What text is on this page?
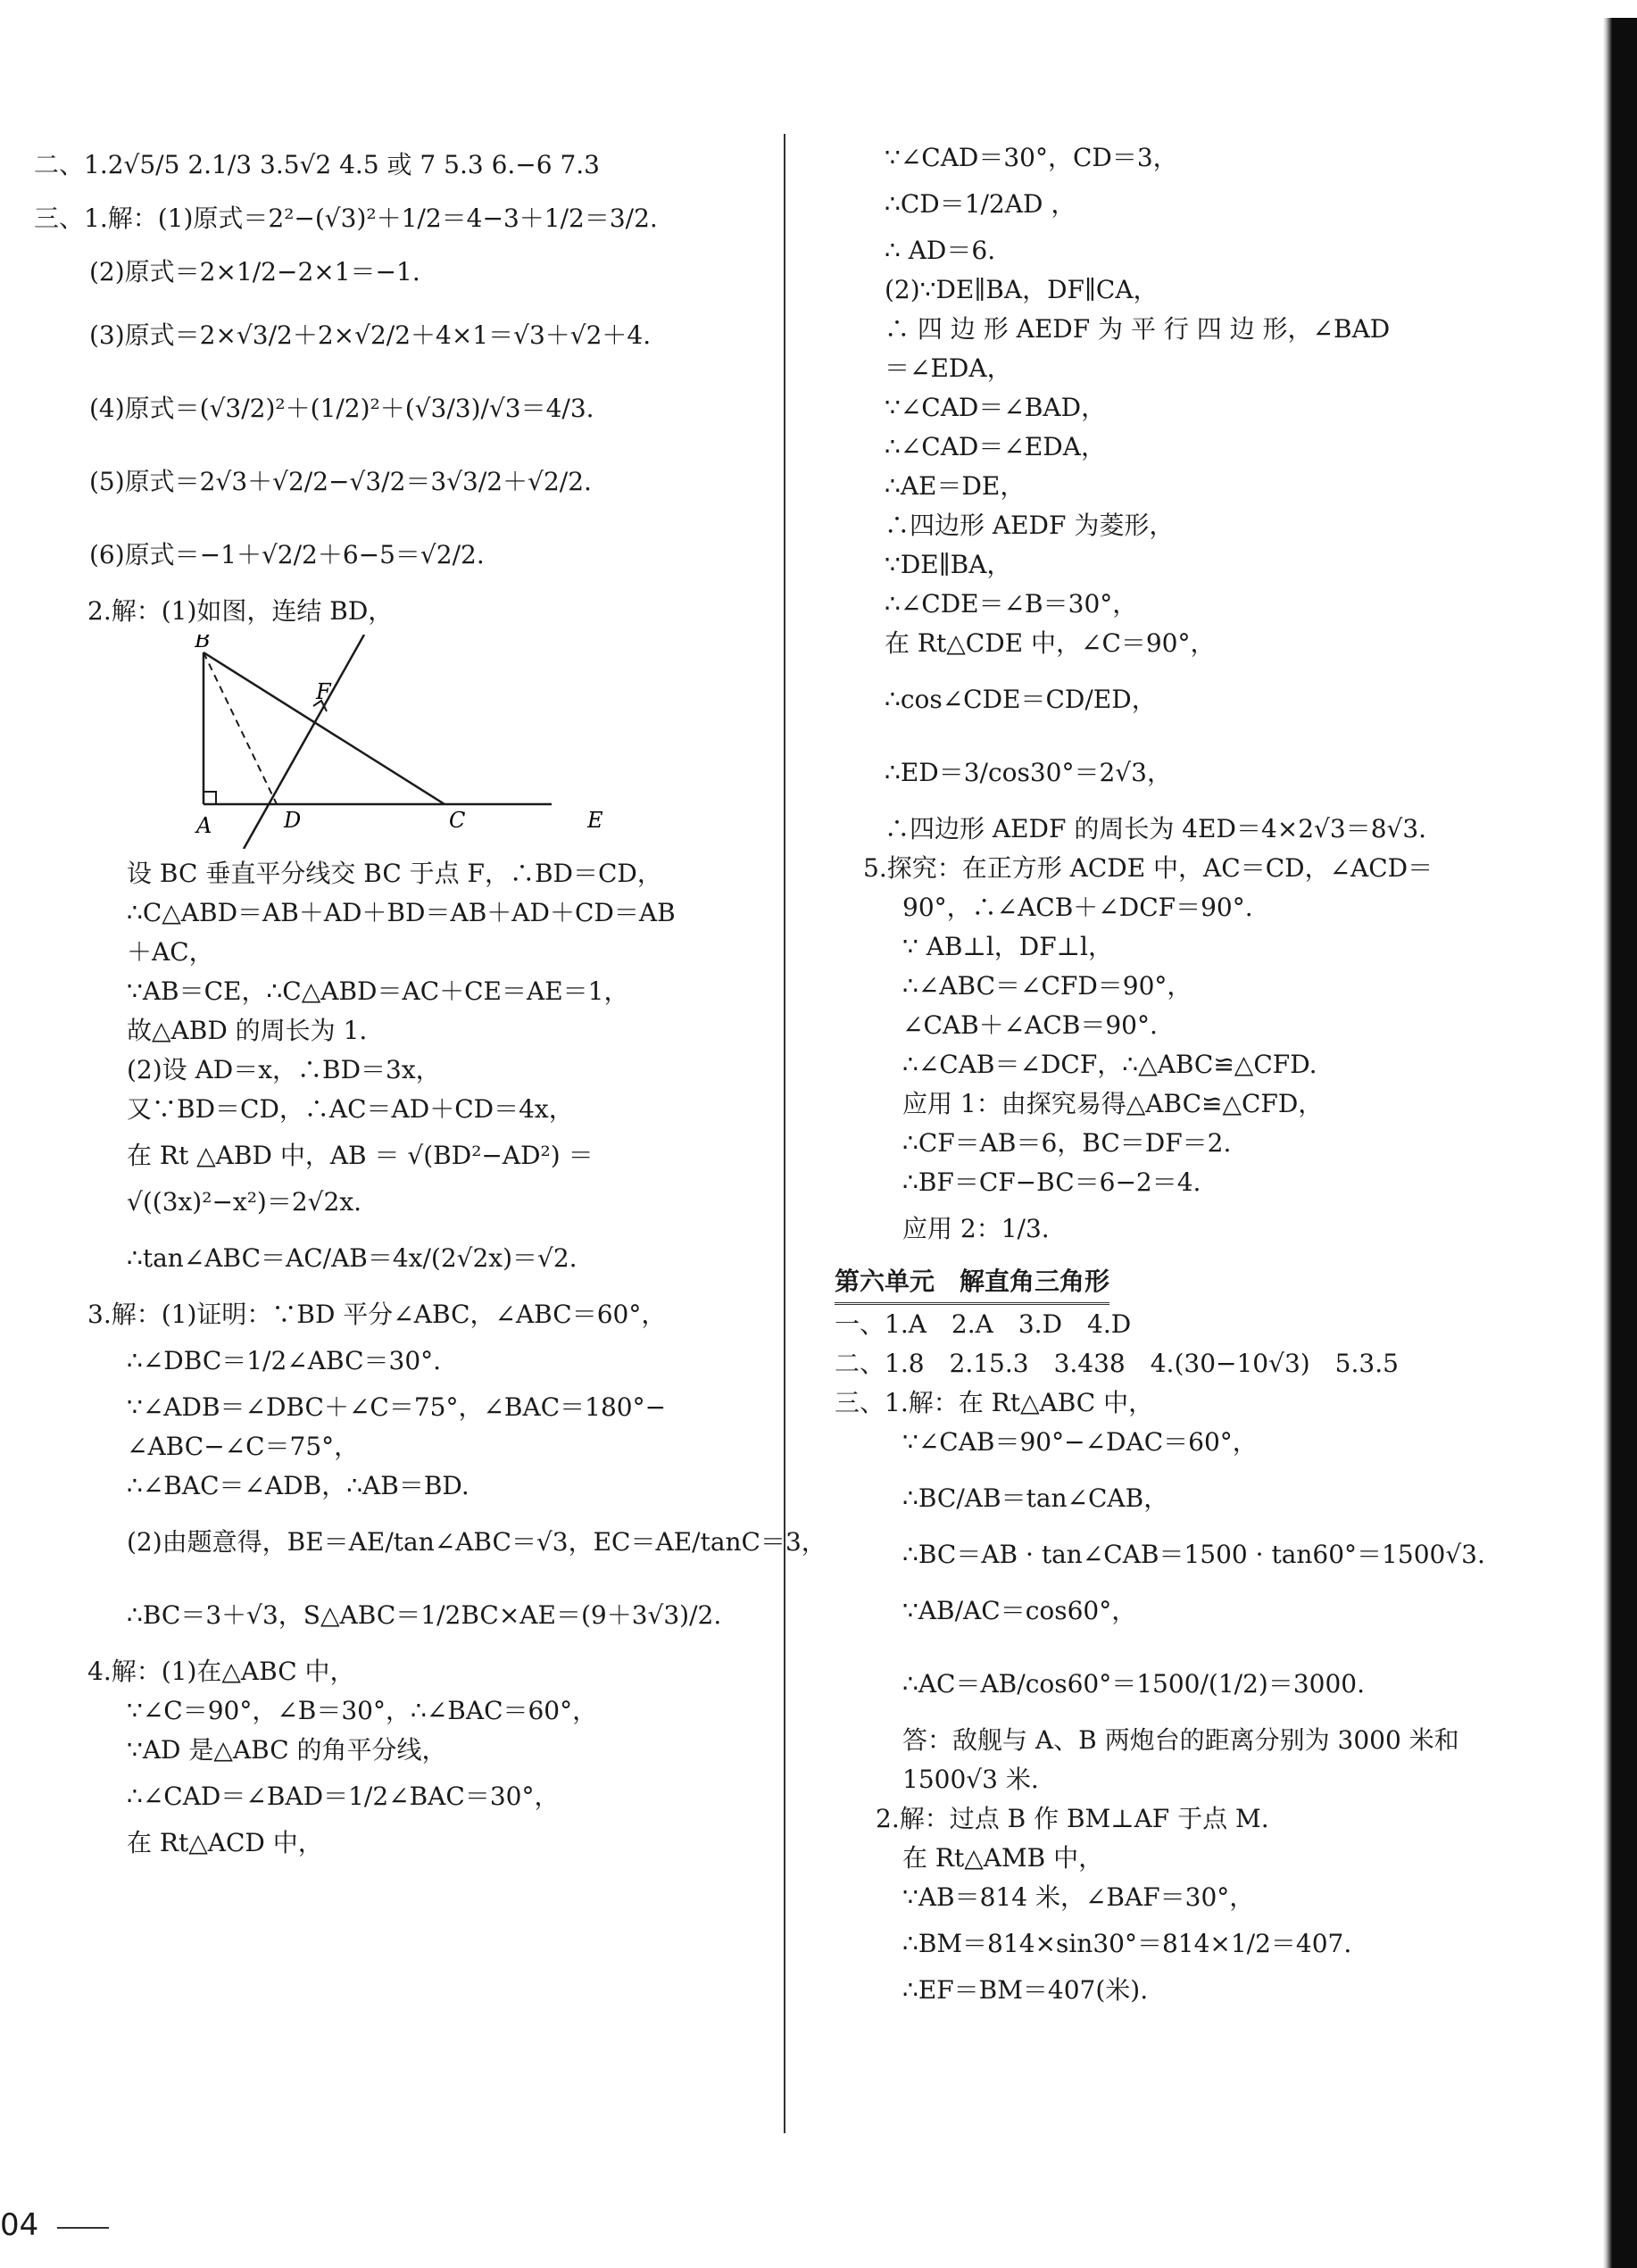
二、1.2√5/5 2.1/3 3.5√2 4.5 或 7 5.3 6.−6 7.3
三、1.解：(1)原式＝2²−(√3)²＋1/2＝4−3＋1/2＝3/2.
(2)原式＝2×1/2−2×1＝−1.
(3)原式＝2×√3/2＋2×√2/2＋4×1＝√3＋√2＋4.
(4)原式＝(√3/2)²＋(1/2)²＋(√3/3)/√3＝4/3.
(5)原式＝2√3＋√2/2−√3/2＝3√3/2＋√2/2.
(6)原式＝−1＋√2/2＋6−5＝√2/2.
2.解：(1)如图，连结 BD，
B
F
A	D	C	E
设 BC 垂直平分线交 BC 于点 F，∴BD＝CD，
∴C△ABD＝AB＋AD＋BD＝AB＋AD＋CD＝AB
＋AC，
∵AB＝CE，∴C△ABD＝AC＋CE＝AE＝1，
故△ABD 的周长为 1.
(2)设 AD＝x，∴BD＝3x，
又∵BD＝CD，∴AC＝AD＋CD＝4x，
在 Rt △ABD 中，AB ＝ √(BD²−AD²) ＝
√((3x)²−x²)＝2√2x.
∴tan∠ABC＝AC/AB＝4x/(2√2x)＝√2.
3.解：(1)证明：∵BD 平分∠ABC，∠ABC＝60°，
∴∠DBC＝1/2∠ABC＝30°.
∵∠ADB＝∠DBC＋∠C＝75°，∠BAC＝180°−
∠ABC−∠C＝75°，
∴∠BAC＝∠ADB，∴AB＝BD.
(2)由题意得，BE＝AE/tan∠ABC＝√3，EC＝AE/tanC＝3，
∴BC＝3＋√3，S△ABC＝1/2BC×AE＝(9＋3√3)/2.
4.解：(1)在△ABC 中，
∵∠C＝90°，∠B＝30°，∴∠BAC＝60°，
∵AD 是△ABC 的角平分线，
∴∠CAD＝∠BAD＝1/2∠BAC＝30°，
在 Rt△ACD 中，
∵∠CAD＝30°，CD＝3，
∴CD＝1/2AD ，
∴ AD＝6.
(2)∵DE∥BA，DF∥CA，
∴ 四 边 形 AEDF 为 平 行 四 边 形，∠BAD
＝∠EDA，
∵∠CAD＝∠BAD，
∴∠CAD＝∠EDA，
∴AE＝DE，
∴四边形 AEDF 为菱形，
∵DE∥BA，
∴∠CDE＝∠B＝30°，
在 Rt△CDE 中，∠C＝90°，
∴cos∠CDE＝CD/ED，
∴ED＝3/cos30°＝2√3，
∴四边形 AEDF 的周长为 4ED＝4×2√3＝8√3.
5.探究：在正方形 ACDE 中，AC＝CD，∠ACD＝
90°，∴∠ACB＋∠DCF＝90°.
∵ AB⊥l，DF⊥l，
∴∠ABC＝∠CFD＝90°，
∠CAB＋∠ACB＝90°.
∴∠CAB＝∠DCF，∴△ABC≌△CFD.
应用 1：由探究易得△ABC≌△CFD，
∴CF＝AB＝6，BC＝DF＝2.
∴BF＝CF−BC＝6−2＝4.
应用 2：1/3.
第六单元　解直角三角形
一、1.A　2.A　3.D　4.D
二、1.8　2.15.3　3.438　4.(30−10√3)　5.3.5
三、1.解：在 Rt△ABC 中，
∵∠CAB＝90°−∠DAC＝60°，
∴BC/AB＝tan∠CAB，
∴BC＝AB · tan∠CAB＝1500 · tan60°＝1500√3.
∵AB/AC＝cos60°，
∴AC＝AB/cos60°＝1500/(1/2)＝3000.
答：敌舰与 A、B 两炮台的距离分别为 3000 米和
1500√3 米.
2.解：过点 B 作 BM⊥AF 于点 M.
在 Rt△AMB 中，
∵AB＝814 米，∠BAF＝30°，
∴BM＝814×sin30°＝814×1/2＝407.
∴EF＝BM＝407(米).
04
